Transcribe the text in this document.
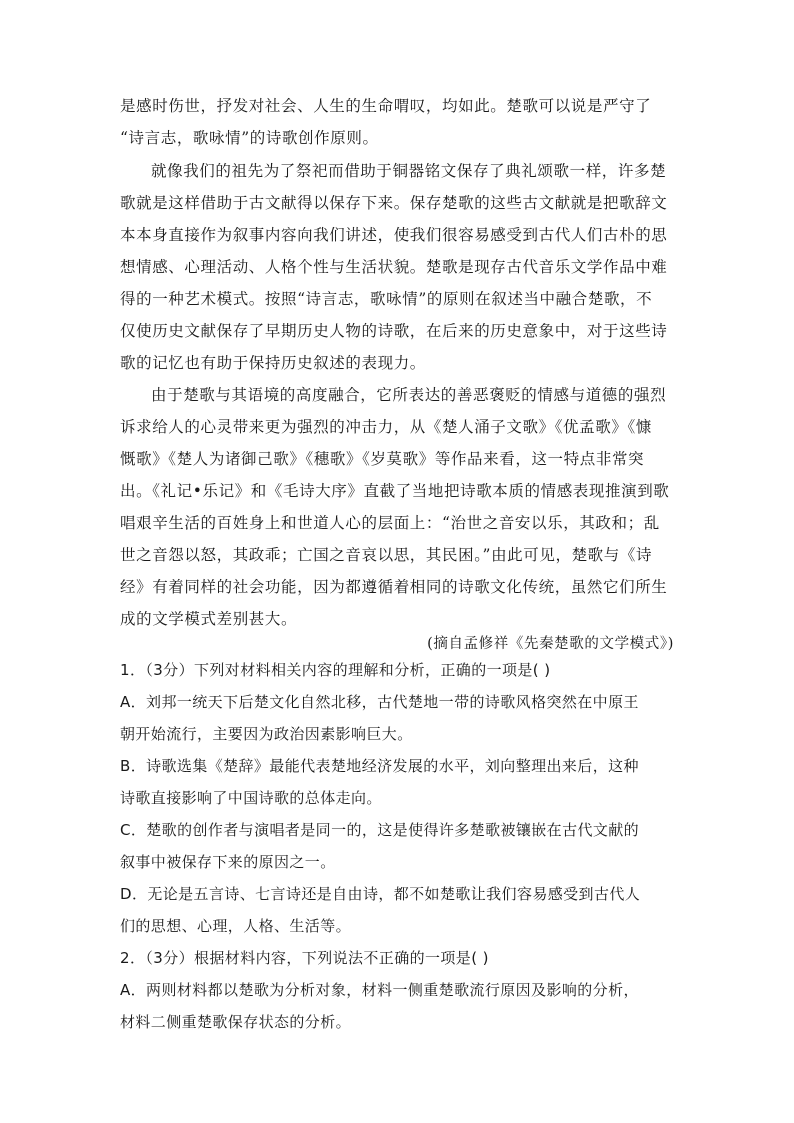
是感时伤世，抒发对社会、人生的生命喟叹，均如此。楚歌可以说是严守了
“诗言志，歌咏情”的诗歌创作原则。
就像我们的祖先为了祭祀而借助于铜器铭文保存了典礼颂歌一样，许多楚
歌就是这样借助于古文献得以保存下来。保存楚歌的这些古文献就是把歌辞文
本本身直接作为叙事内容向我们讲述，使我们很容易感受到古代人们古朴的思
想情感、心理活动、人格个性与生活状貌。楚歌是现存古代音乐文学作品中难
得的一种艺术模式。按照“诗言志，歌咏情”的原则在叙述当中融合楚歌，不
仅使历史文献保存了早期历史人物的诗歌，在后来的历史意象中，对于这些诗
歌的记忆也有助于保持历史叙述的表现力。
由于楚歌与其语境的高度融合，它所表达的善恶褒贬的情感与道德的强烈
诉求给人的心灵带来更为强烈的冲击力，从《楚人涌子文歌》《优孟歌》《慷
慨歌》《楚人为诸御己歌》《穗歌》《岁莫歌》等作品来看，这一特点非常突
出。《礼记•乐记》和《毛诗大序》直截了当地把诗歌本质的情感表现推演到歌
唱艰辛生活的百姓身上和世道人心的层面上：“治世之音安以乐，其政和；乱
世之音怨以怒，其政乖；亡国之音哀以思，其民困。”由此可见，楚歌与《诗
经》有着同样的社会功能，因为都遵循着相同的诗歌文化传统，虽然它们所生
成的文学模式差别甚大。
(摘自孟修祥《先秦楚歌的文学模式》)
1．（3分）下列对材料相关内容的理解和分析，正确的一项是( )
A．刘邦一统天下后楚文化自然北移，古代楚地一带的诗歌风格突然在中原王
朝开始流行，主要因为政治因素影响巨大。
B．诗歌选集《楚辞》最能代表楚地经济发展的水平，刘向整理出来后，这种
诗歌直接影响了中国诗歌的总体走向。
C．楚歌的创作者与演唱者是同一的，这是使得许多楚歌被镶嵌在古代文献的
叙事中被保存下来的原因之一。
D．无论是五言诗、七言诗还是自由诗，都不如楚歌让我们容易感受到古代人
们的思想、心理，人格、生活等。
2．（3分）根据材料内容，下列说法不正确的一项是( )
A．两则材料都以楚歌为分析对象，材料一侧重楚歌流行原因及影响的分析，
材料二侧重楚歌保存状态的分析。
